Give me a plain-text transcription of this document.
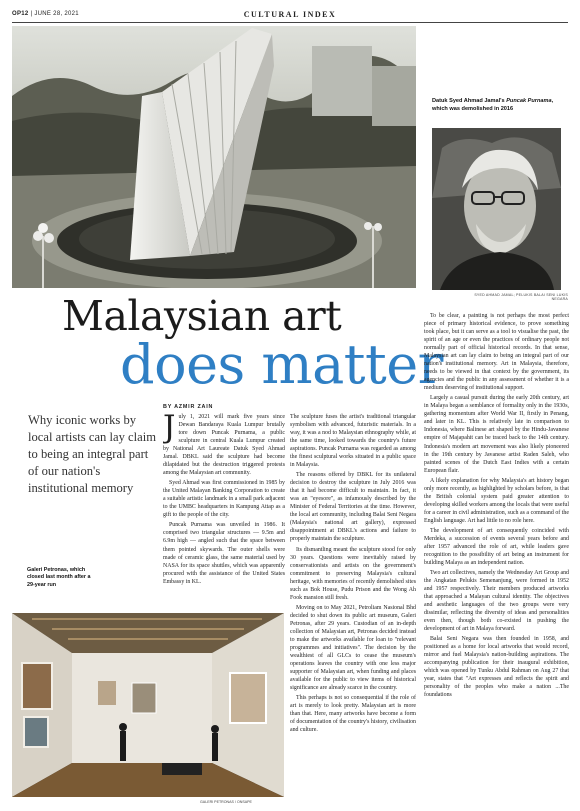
OP12 | JUNE 28, 2021	CULTURAL INDEX
Datuk Syed Ahmad Jamal's Puncak Purnama, which was demolished in 2016
SYED AHMAD JAMAL; PELUKIS BALAI SENI LUKIS NEGARA
Malaysian art
does matter
Why iconic works by local artists can lay claim to being an integral part of our nation's institutional memory
BY AZMIR ZAIN

July 1, 2021 will mark five years since Dewan Bandaraya Kuala Lumpur brutally tore down Puncak Purnama, a public sculpture in central Kuala Lumpur created by National Art Laureate Datuk Syed Ahmad Jamal. DBKL said the sculpture had become dilapidated but the destruction triggered protests among the Malaysian art community.

Syed Ahmad was first commissioned in 1985 by the United Malayan Banking Corporation to create a suitable artistic landmark in a small park adjacent to the UMBC headquarters in Kampung Attap as a gift to the people of the city.

Puncak Purnama was unveiled in 1986. It comprised two triangular structures — 9.5m and 6.9m high — angled such that the space between them pointed skywards. The outer shells were made of ceramic glass, the same material used by NASA for its space shuttles, which was apparently procured with the assistance of the United States Embassy in KL.

The sculpture fuses the artist's traditional triangular symbolism with advanced, futuristic materials. In a way, it was a nod to Malaysian ethnography while, at the same time, looked towards the country's future aspirations. Puncak Purnama was regarded as among the finest sculptural works situated in a public space in Malaysia.

The reasons offered by DBKL for its unilateral decision to destroy the sculpture in July 2016 was that it had become difficult to maintain. In fact, it was an "eyesore", as infamously described by the Minister of Federal Territories at the time. However, the local art community, including Balai Seni Negara (Malaysia's national art gallery), expressed disappointment at DBKL's actions and failure to properly maintain the sculpture.

Its dismantling meant the sculpture stood for only 30 years. Questions were inevitably raised by conservationists and artists on the government's commitment to preserving Malaysia's cultural heritage, with memories of recently demolished sites such as Bok House, Pudu Prison and the Wong Ah Fook mansion still fresh.

Moving on to May 2021, Petroliam Nasional Bhd decided to shut down its public art museum, Galeri Petronas, after 29 years. Custodian of an in-depth collection of Malaysian art, Petronas decided instead to make the artworks available for loan to "relevant programmes and initiatives". The decision by the wealthiest of all GLCs to cease the museum's operations leaves the country with one less major supporter of Malaysian art, when funding and places available for the public to view items of historical significance are already scarce in the country.

This perhaps is not so consequential if the role of art is merely to look pretty. Malaysian art is more than that. Here, many artworks have become a form of documentation of the country's history, civilisation and culture.

To be clear, a painting is not perhaps the most perfect piece of primary historical evidence, to prove something took place, but it can serve as a tool to visualise the past, the spirit of an age or even the practices of ordinary people not normally part of official historical records. In that sense, Malaysian art can lay claim to being an integral part of our nation's institutional memory. Art in Malaysia, therefore, needs to be viewed in that context by the government, its agencies and the public in any assessment of whether it is a medium deserving of institutional support.

Largely a casual pursuit during the early 20th century, art in Malaya began a semblance of formality only in the 1930s, gathering momentum after World War II, firstly in Penang, and later in KL. This is relatively late in comparison to Indonesia, where Balinese art shaped by the Hindu-Javanese empire of Majapahit can be traced back to the 14th century. Indonesia's modern art movement was also likely pioneered in the 19th century by Javanese artist Raden Saleh, who painted scenes of the Dutch East Indies with a certain European flair.

A likely explanation for why Malaysia's art history began only more recently, as highlighted by scholars before, is that the British colonial system paid greater attention to developing skilled workers among the locals that were useful for a career in civil administration, such as a command of the English language. Art had little to no role here.

The development of art consequently coincided with Merdeka, a succession of events several years before and after 1957 advanced the role of art, while leaders gave recognition to the possibility of art being an instrument for building Malaya as an independent nation.

Two art collectives, namely the Wednesday Art Group and the Angkatan Pelukis Semenanjung, were formed in 1952 and 1957 respectively. Their members produced artworks that approached a Malayan cultural identity. The objectives and aesthetic languages of the two groups were very dissimilar, reflecting the diversity of ideas and personalities even then, though both co-existed in pushing the development of art in Malaya forward.

Balai Seni Negara was then founded in 1958, and positioned as a home for local artworks that would record, mirror and fuel Malaysia's nation-building aspirations. The accompanying publication for their inaugural exhibition, which was opened by Tunku Abdul Rahman on Aug 27 that year, states that "Art expresses and reflects the spirit and personality of the peoples who make a nation ...The foundations

Galeri Petronas, which closed last month after a 29-year run
GALERI PETRONAS / ONSAPE
